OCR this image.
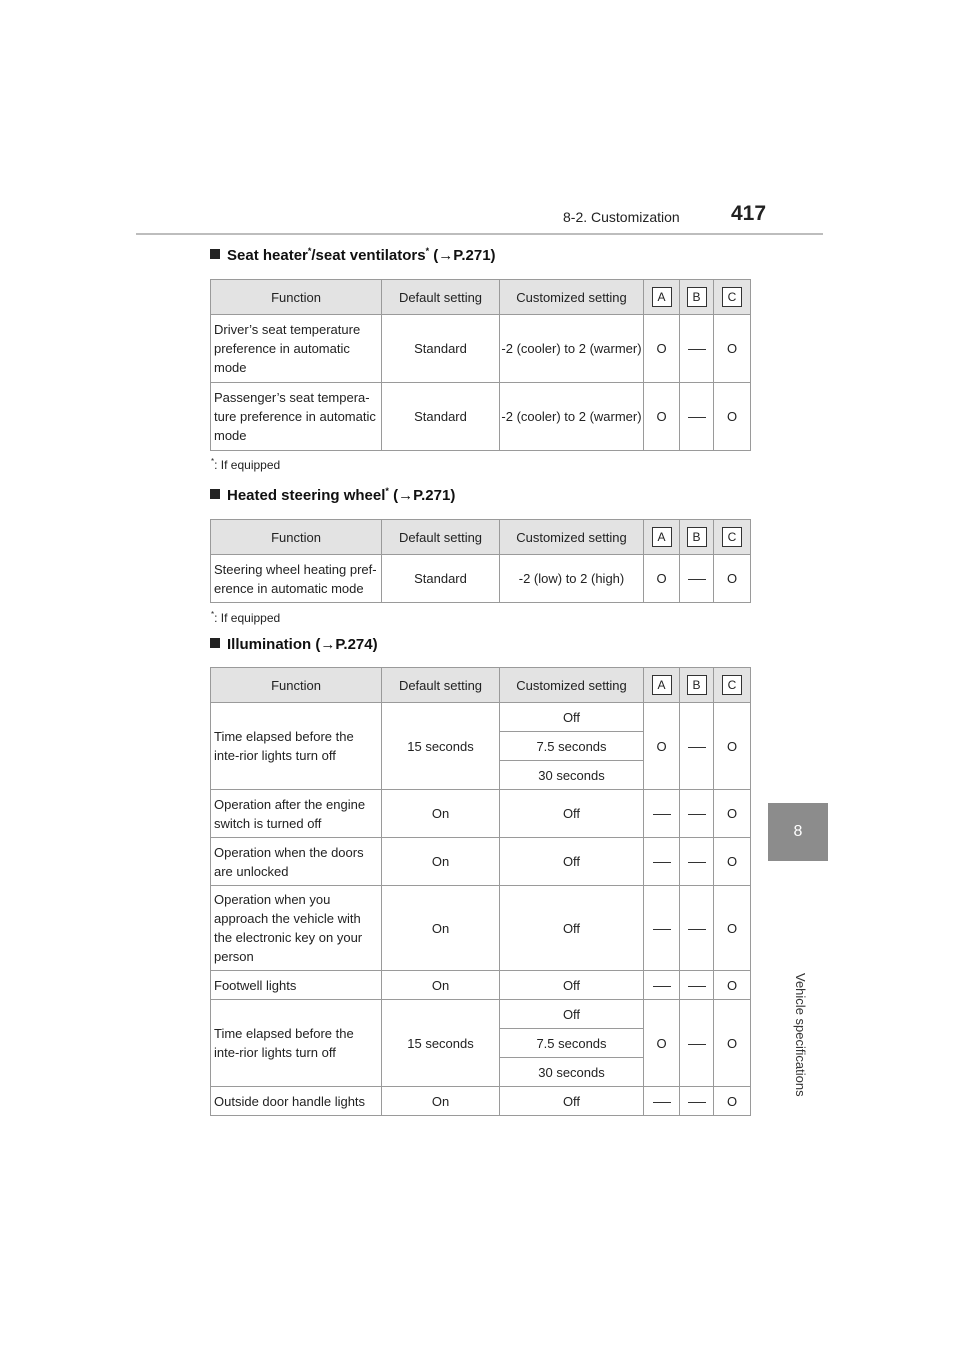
8-2. Customization 417
8
Vehicle specifications
Seat heater*/seat ventilators* (→P.271)
Function	Default setting	Customized setting	A	B	C
Driver’s seat temperature preference in automatic mode	Standard	-2 (cooler) to 2 (warmer)	O		O
Passenger’s seat tempera-ture preference in automatic mode	Standard	-2 (cooler) to 2 (warmer)	O		O
*: If equipped
Heated steering wheel* (→P.271)
Function	Default setting	Customized setting	A	B	C
Steering wheel heating pref-erence in automatic mode	Standard	-2 (low) to 2 (high)	O		O
*: If equipped
Illumination (→P.274)
Function	Default setting	Customized setting	A	B	C
Time elapsed before the inte-rior lights turn off	15 seconds	Off	O		O
		7.5 seconds			
		30 seconds			
Operation after the engine switch is turned off	On	Off			O
Operation when the doors are unlocked	On	Off			O
Operation when you approach the vehicle with the electronic key on your person	On	Off			O
Footwell lights	On	Off			O
Time elapsed before the inte-rior lights turn off	15 seconds	Off	O		O
		7.5 seconds			
		30 seconds			
Outside door handle lights	On	Off			O
